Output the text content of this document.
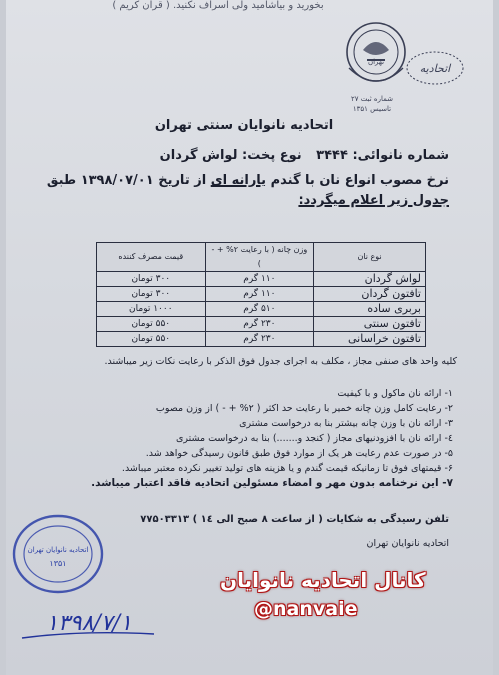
بخورید و بیاشامید ولی اسراف نکنید. ( قرآن کریم )
تهران	اتحادیه
شماره ثبت ۲۷
تاسیس ۱۳۵۱
اتحادیه نانوایان سنتی تهران
شماره نانوائی: ۳۴۴۴ نوع پخت: لواش گردان
نرخ مصوب انواع نان با گندم یارانه ای از تاریخ ۱۳۹۸/۰۷/۰۱ طبق
جدول زیر اعلام میگردد:
نوع نان	وزن چانه ( با رعایت ۲% + - )	قیمت مصرف کننده
لواش گردان	۱۱۰ گرم	۳۰۰ تومان
تافتون گردان	۱۱۰ گرم	۳۰۰ تومان
بربری ساده	۵۱۰ گرم	۱۰۰۰ تومان
تافتون سنتی	۲۳۰ گرم	۵۵۰ تومان
تافتون خراسانی	۲۳۰ گرم	۵۵۰ تومان
کلیه واحد های صنفی مجاز ، مکلف به اجرای جدول فوق الذکر با رعایت نکات زیر میباشند.
۱- ارائه نان ماکول و با کیفیت
۲- رعایت کامل وزن چانه خمیر با رعایت حد اکثر ( ۲% + - ) از وزن مصوب
۳- ارائه نان با وزن چانه بیشتر بنا به درخواست مشتری
٤- ارائه نان با افزودنیهای مجاز ( کنجد و.......) بنا به درخواست مشتری
۵- در صورت عدم رعایت هر یک از موارد فوق طبق قانون رسیدگی خواهد شد.
۶- قیمتهای فوق تا زمانیکه قیمت گندم و یا هزینه های تولید تغییر نکرده معتبر میباشد.
۷- این نرخنامه بدون مهر و امضاء مسئولین اتحادیه فاقد اعتبار میباشد.
تلفن رسیدگی به شکایات ( از ساعت ۸ صبح الی ۱٤ ) ۷۷۵۰۳۳۱۳
اتحادیه نانوایان تهران
اتحادیه نانوایان تهران
۱۳۵۱
۱۳۹۸/۷/۱
کانال اتحادیه نانوایان
@nanvaie
